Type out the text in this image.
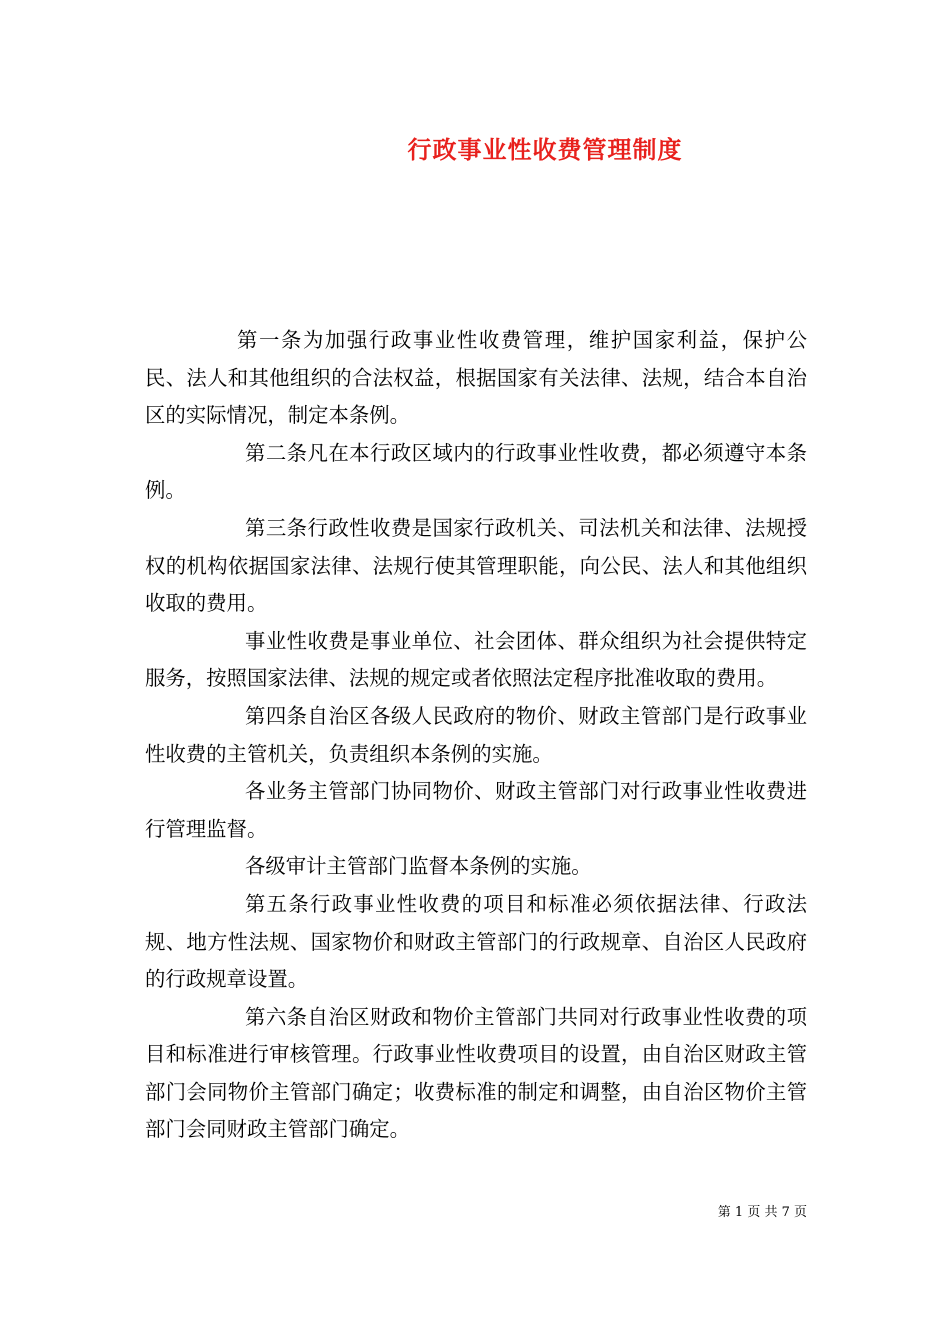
行政事业性收费管理制度

第一条为加强行政事业性收费管理，维护国家利益，保护公民、法人和其他组织的合法权益，根据国家有关法律、法规，结合本自治区的实际情况，制定本条例。

第二条凡在本行政区域内的行政事业性收费，都必须遵守本条例。

第三条行政性收费是国家行政机关、司法机关和法律、法规授权的机构依据国家法律、法规行使其管理职能，向公民、法人和其他组织收取的费用。

事业性收费是事业单位、社会团体、群众组织为社会提供特定服务，按照国家法律、法规的规定或者依照法定程序批准收取的费用。

第四条自治区各级人民政府的物价、财政主管部门是行政事业性收费的主管机关，负责组织本条例的实施。

各业务主管部门协同物价、财政主管部门对行政事业性收费进行管理监督。

各级审计主管部门监督本条例的实施。

第五条行政事业性收费的项目和标准必须依据法律、行政法规、地方性法规、国家物价和财政主管部门的行政规章、自治区人民政府的行政规章设置。

第六条自治区财政和物价主管部门共同对行政事业性收费的项目和标准进行审核管理。行政事业性收费项目的设置，由自治区财政主管部门会同物价主管部门确定；收费标准的制定和调整，由自治区物价主管部门会同财政主管部门确定。

第 1 页 共 7 页
